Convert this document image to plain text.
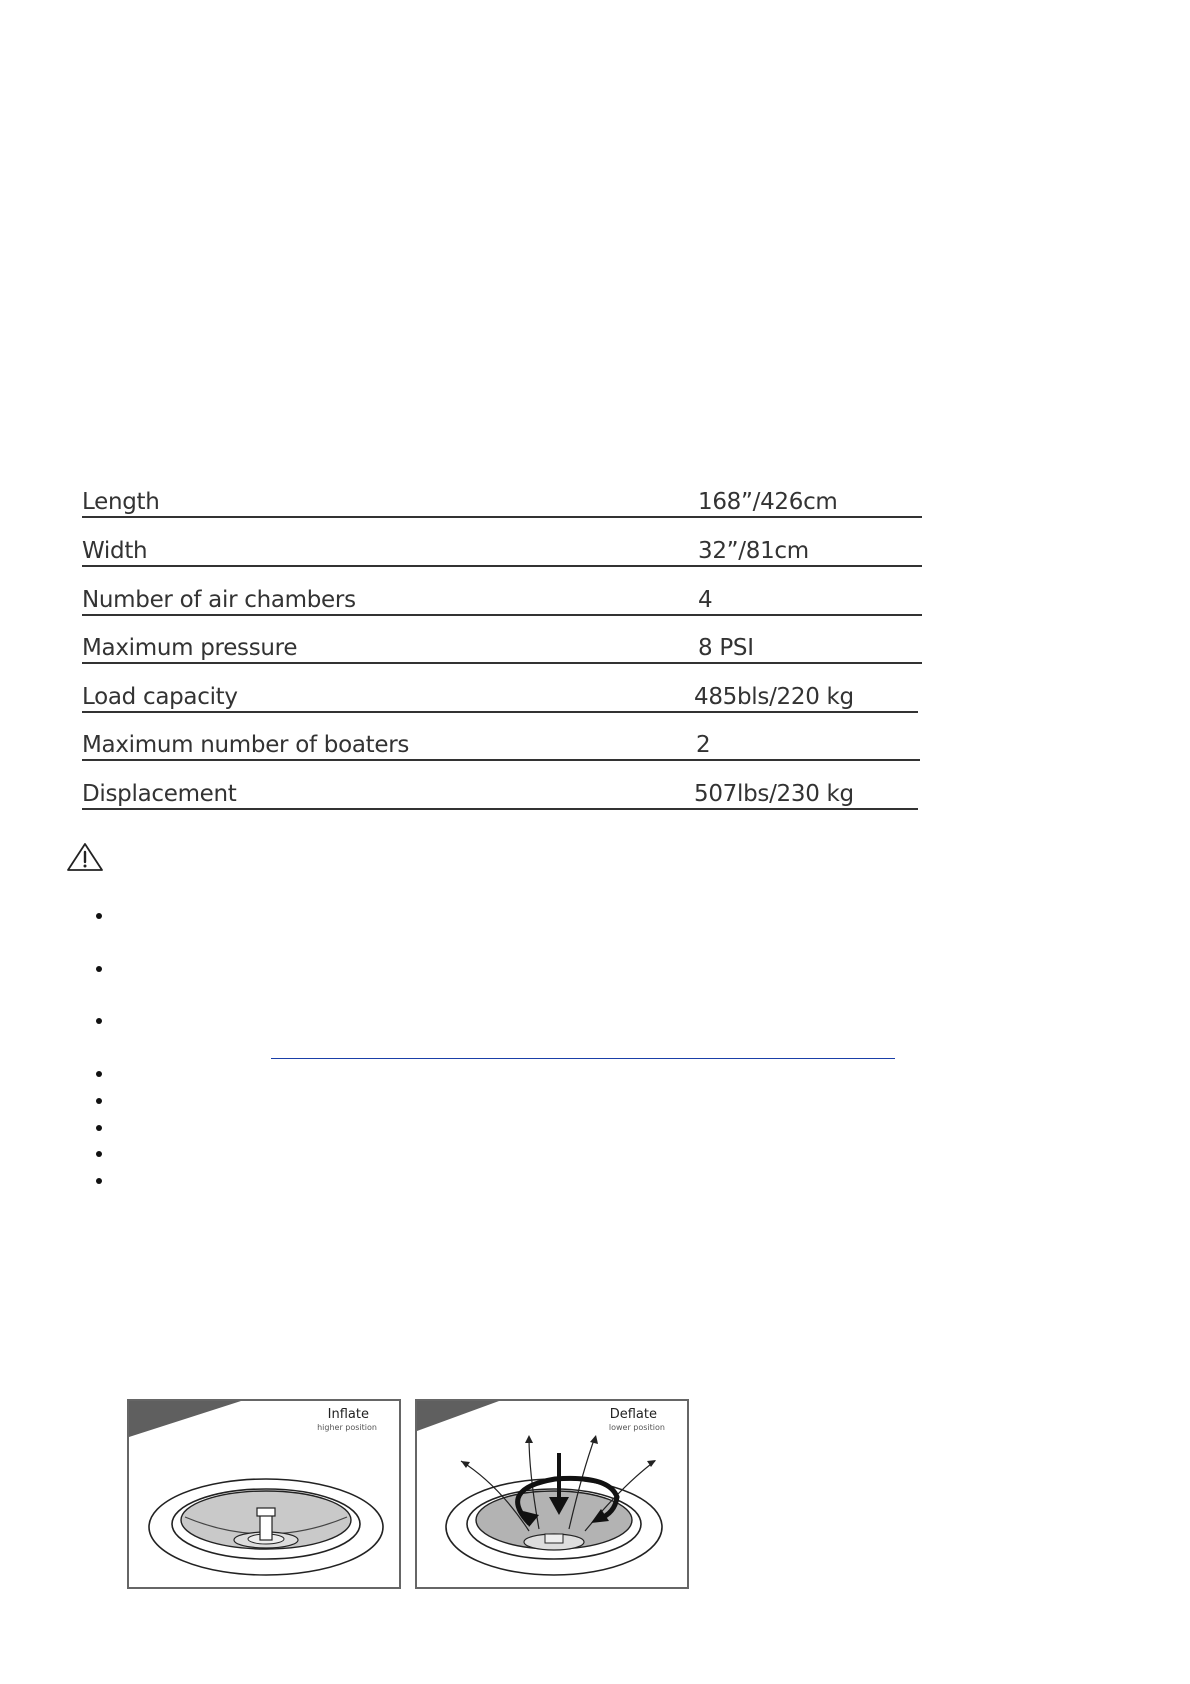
Length	168”/426cm
Width	32”/81cm
Number of air chambers	4
Maximum pressure	8 PSI
Load capacity	485bls/220 kg
Maximum number of boaters	2
Displacement	507lbs/230 kg
Inflate
higher position
Deflate
lower position
